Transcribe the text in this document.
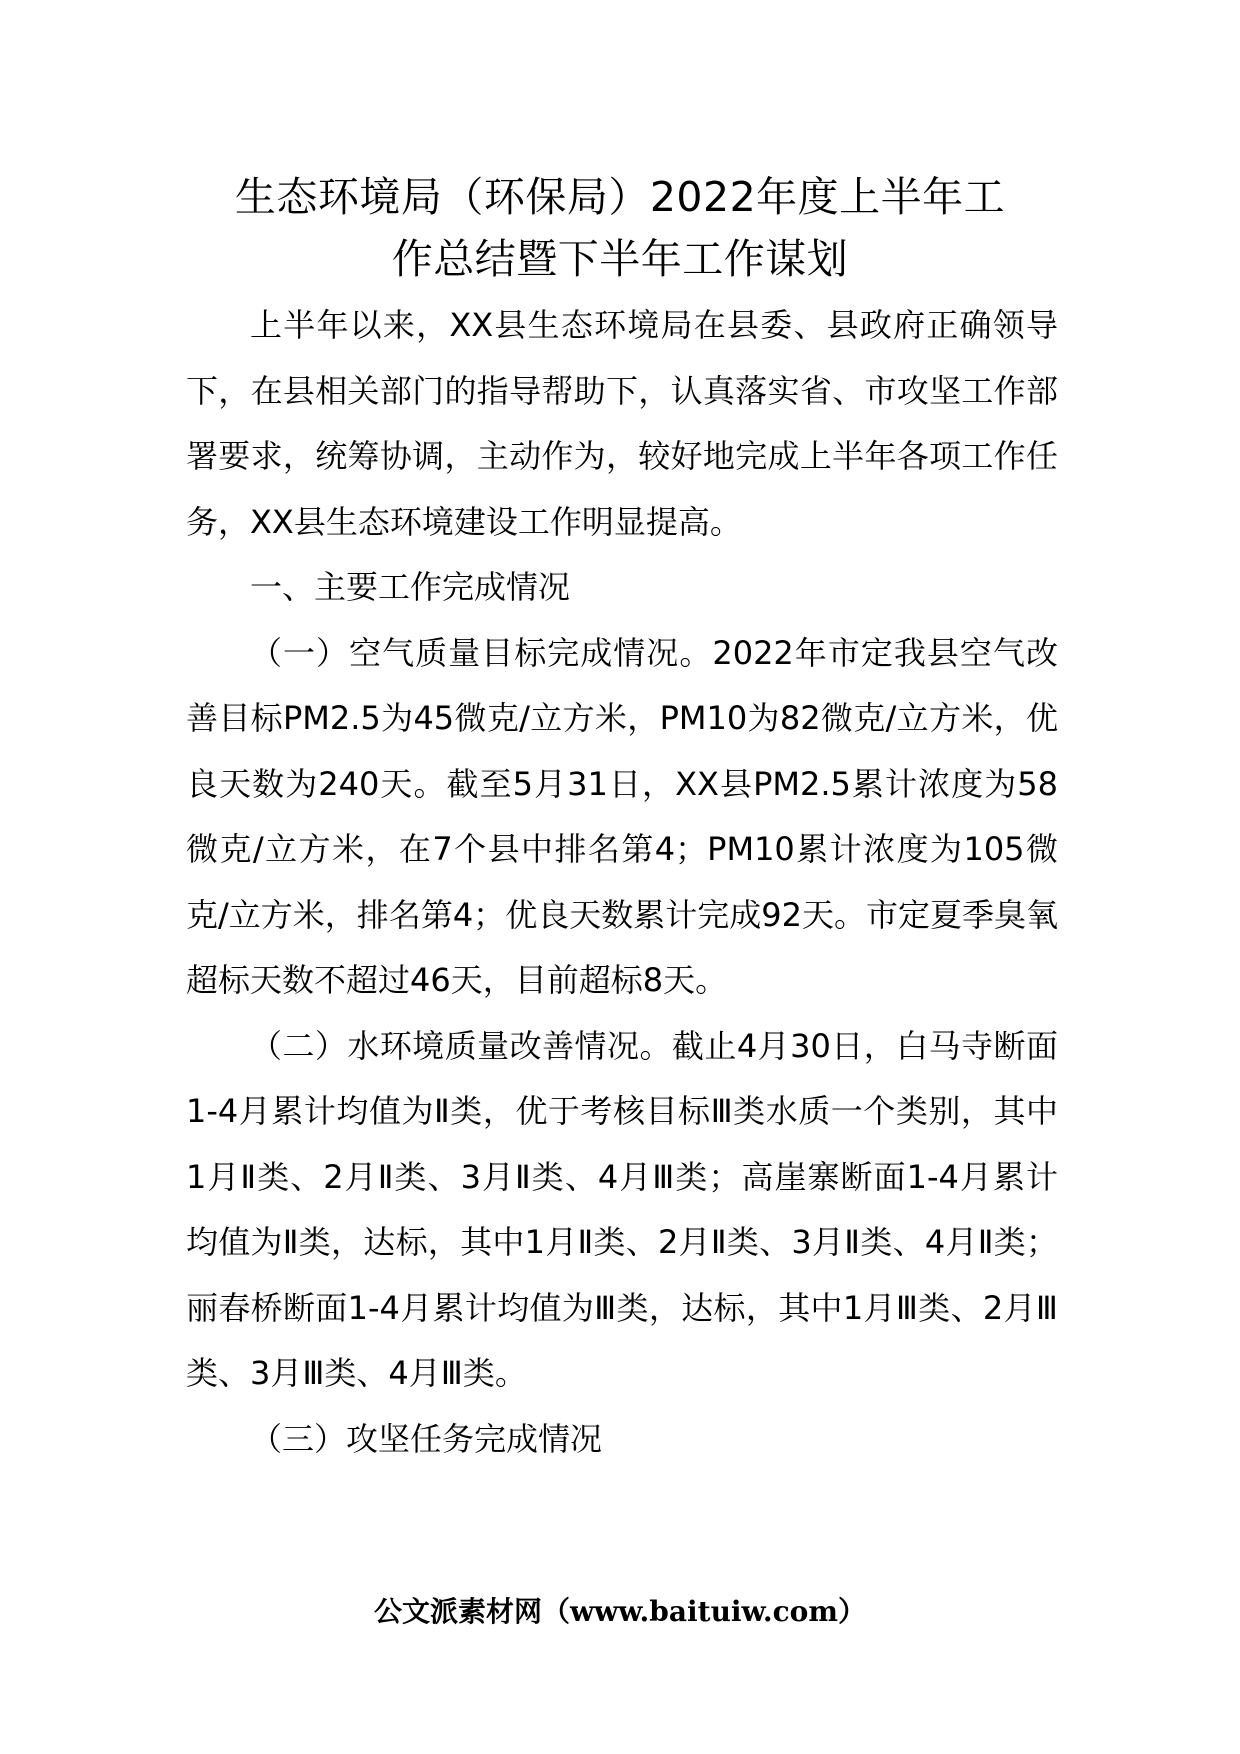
生态环境局（环保局）2022年度上半年工
作总结暨下半年工作谋划

上半年以来，XX县生态环境局在县委、县政府正确领导下，在县相关部门的指导帮助下，认真落实省、市攻坚工作部署要求，统筹协调，主动作为，较好地完成上半年各项工作任务，XX县生态环境建设工作明显提高。

一、主要工作完成情况

（一）空气质量目标完成情况。2022年市定我县空气改善目标PM2.5为45微克/立方米，PM10为82微克/立方米，优良天数为240天。截至5月31日，XX县PM2.5累计浓度为58微克/立方米，在7个县中排名第4；PM10累计浓度为105微克/立方米，排名第4；优良天数累计完成92天。市定夏季臭氧超标天数不超过46天，目前超标8天。

（二）水环境质量改善情况。截止4月30日，白马寺断面1-4月累计均值为Ⅱ类，优于考核目标Ⅲ类水质一个类别，其中1月Ⅱ类、2月Ⅱ类、3月Ⅱ类、4月Ⅲ类；高崖寨断面1-4月累计均值为Ⅱ类，达标，其中1月Ⅱ类、2月Ⅱ类、3月Ⅱ类、4月Ⅱ类；丽春桥断面1-4月累计均值为Ⅲ类，达标，其中1月Ⅲ类、2月Ⅲ类、3月Ⅲ类、4月Ⅲ类。

（三）攻坚任务完成情况

公文派素材网（www.baituiw.com）
